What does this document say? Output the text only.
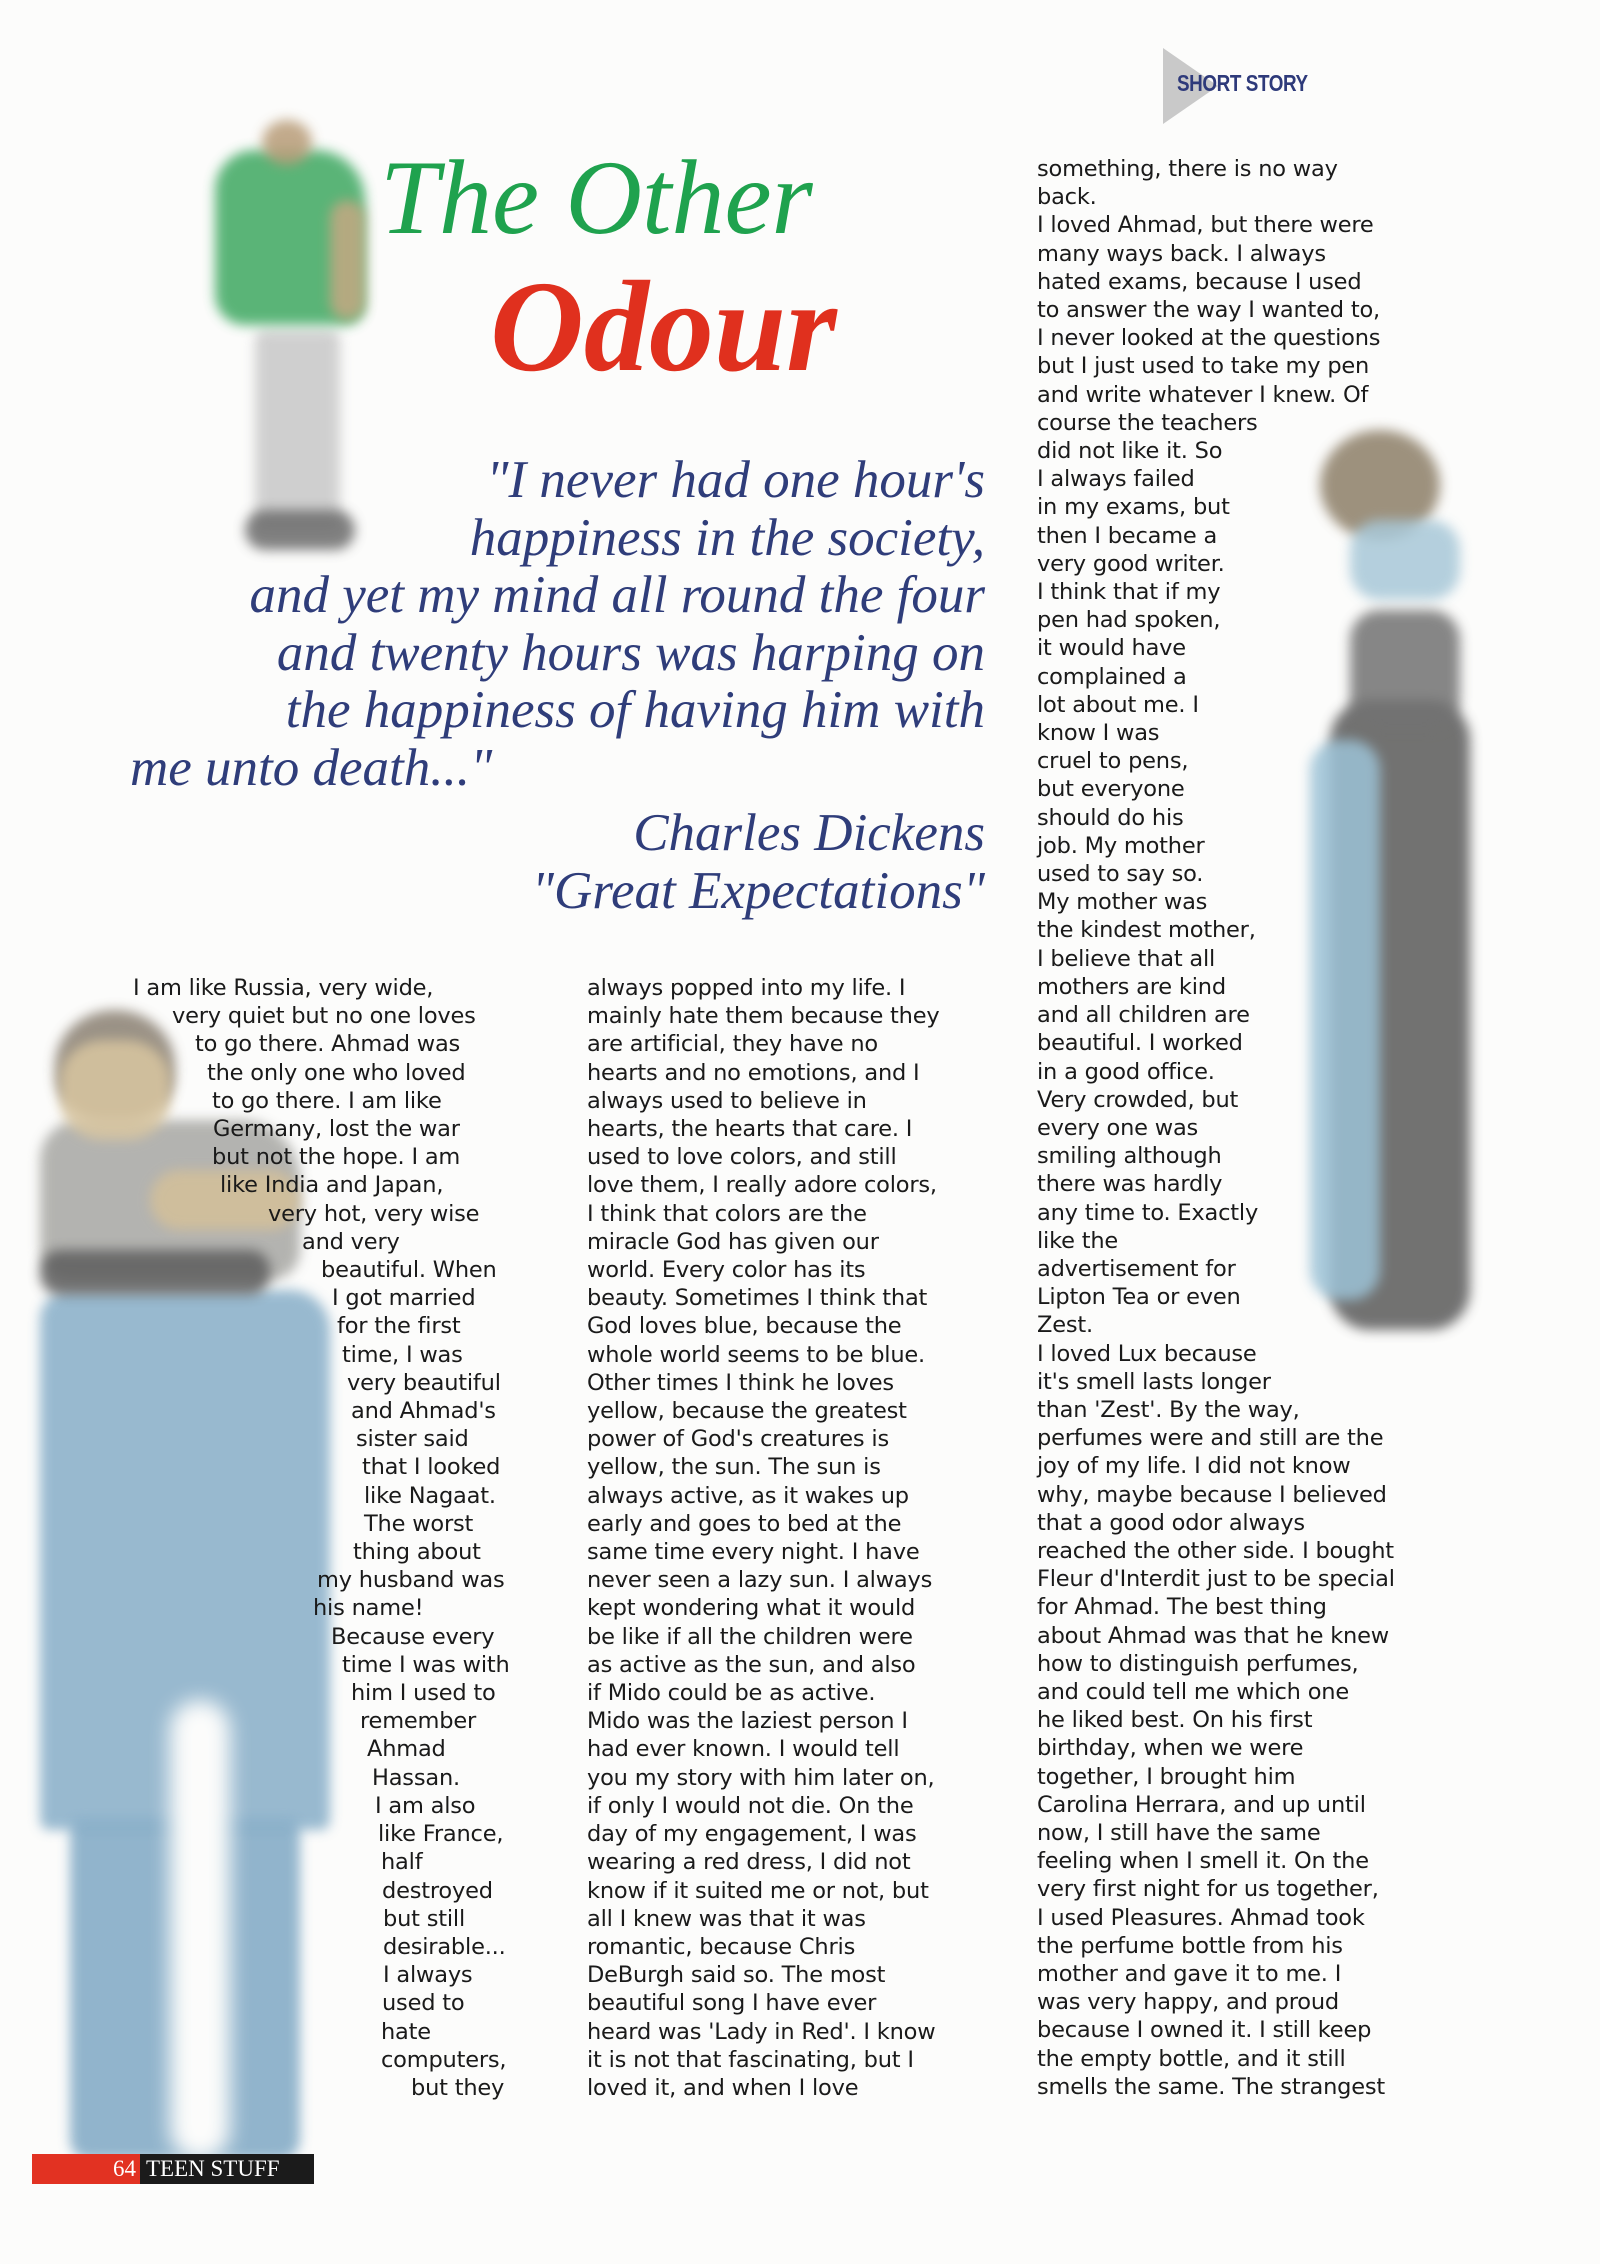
SHORT STORY
The Other
Odour
"I never had one hour's
happiness in the society,
and yet my mind all round the four
and twenty hours was harping on
the happiness of having him with
me unto death..."
Charles Dickens
"Great Expectations"
I am like Russia, very wide,
very quiet but no one loves
to go there. Ahmad was
the only one who loved
to go there. I am like
Germany, lost the war
but not the hope. I am
like India and Japan,
very hot, very wise
and very
beautiful. When
I got married
for the first
time, I was
very beautiful
and Ahmad's
sister said
that I looked
like Nagaat.
The worst
thing about
my husband was
his name!
Because every
time I was with
him I used to
remember
Ahmad
Hassan.
I am also
like France,
half
destroyed
but still
desirable...
I always
used to
hate
computers,
but they
always popped into my life. I
mainly hate them because they
are artificial, they have no
hearts and no emotions, and I
always used to believe in
hearts, the hearts that care. I
used to love colors, and still
love them, I really adore colors,
I think that colors are the
miracle God has given our
world. Every color has its
beauty. Sometimes I think that
God loves blue, because the
whole world seems to be blue.
Other times I think he loves
yellow, because the greatest
power of God's creatures is
yellow, the sun. The sun is
always active, as it wakes up
early and goes to bed at the
same time every night. I have
never seen a lazy sun. I always
kept wondering what it would
be like if all the children were
as active as the sun, and also
if Mido could be as active.
Mido was the laziest person I
had ever known. I would tell
you my story with him later on,
if only I would not die. On the
day of my engagement, I was
wearing a red dress, I did not
know if it suited me or not, but
all I knew was that it was
romantic, because Chris
DeBurgh said so. The most
beautiful song I have ever
heard was 'Lady in Red'. I know
it is not that fascinating, but I
loved it, and when I love
something, there is no way
back.
I loved Ahmad, but there were
many ways back. I always
hated exams, because I used
to answer the way I wanted to,
I never looked at the questions
but I just used to take my pen
and write whatever I knew. Of
course the teachers
did not like it. So
I always failed
in my exams, but
then I became a
very good writer.
I think that if my
pen had spoken,
it would have
complained a
lot about me. I
know I was
cruel to pens,
but everyone
should do his
job. My mother
used to say so.
My mother was
the kindest mother,
I believe that all
mothers are kind
and all children are
beautiful. I worked
in a good office.
Very crowded, but
every one was
smiling although
there was hardly
any time to. Exactly
like the
advertisement for
Lipton Tea or even
Zest.
I loved Lux because
it's smell lasts longer
than 'Zest'. By the way,
perfumes were and still are the
joy of my life. I did not know
why, maybe because I believed
that a good odor always
reached the other side. I bought
Fleur d'Interdit just to be special
for Ahmad. The best thing
about Ahmad was that he knew
how to distinguish perfumes,
and could tell me which one
he liked best. On his first
birthday, when we were
together, I brought him
Carolina Herrara, and up until
now, I still have the same
feeling when I smell it. On the
very first night for us together,
I used Pleasures. Ahmad took
the perfume bottle from his
mother and gave it to me. I
was very happy, and proud
because I owned it. I still keep
the empty bottle, and it still
smells the same. The strangest
64 TEEN STUFF
